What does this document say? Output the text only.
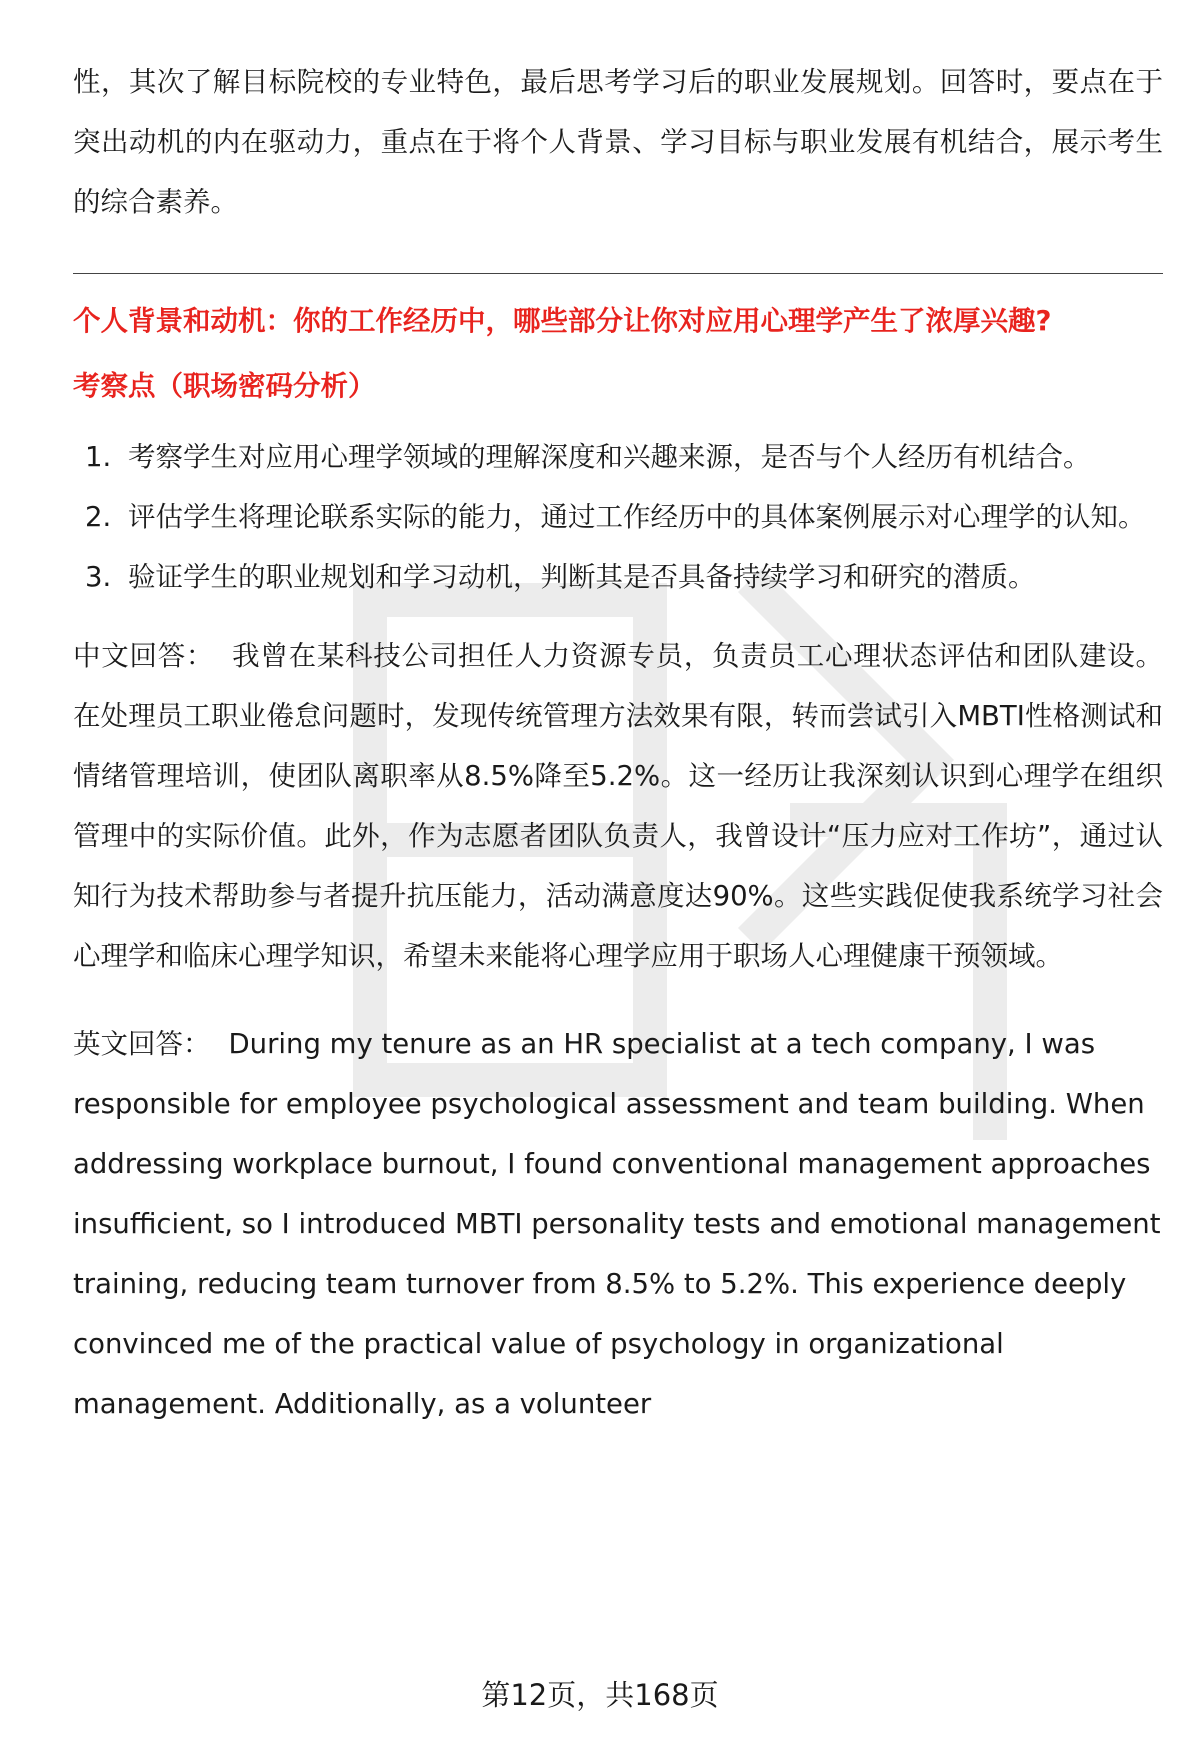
性，其次了解目标院校的专业特色，最后思考学习后的职业发展规划。回答时，要点在于突出动机的内在驱动力，重点在于将个人背景、学习目标与职业发展有机结合，展示考生的综合素养。

个人背景和动机：你的工作经历中，哪些部分让你对应用心理学产生了浓厚兴趣?

考察点（职场密码分析）

1. 考察学生对应用心理学领域的理解深度和兴趣来源，是否与个人经历有机结合。
2. 评估学生将理论联系实际的能力，通过工作经历中的具体案例展示对心理学的认知。
3. 验证学生的职业规划和学习动机，判断其是否具备持续学习和研究的潜质。

中文回答： 我曾在某科技公司担任人力资源专员，负责员工心理状态评估和团队建设。在处理员工职业倦怠问题时，发现传统管理方法效果有限，转而尝试引入MBTI性格测试和情绪管理培训，使团队离职率从8.5%降至5.2%。这一经历让我深刻认识到心理学在组织管理中的实际价值。此外，作为志愿者团队负责人，我曾设计“压力应对工作坊”，通过认知行为技术帮助参与者提升抗压能力，活动满意度达90%。这些实践促使我系统学习社会心理学和临床心理学知识，希望未来能将心理学应用于职场人心理健康干预领域。

英文回答： During my tenure as an HR specialist at a tech company, I was responsible for employee psychological assessment and team building. When addressing workplace burnout, I found conventional management approaches insufficient, so I introduced MBTI personality tests and emotional management training, reducing team turnover from 8.5% to 5.2%. This experience deeply convinced me of the practical value of psychology in organizational management. Additionally, as a volunteer

第12页，共168页
